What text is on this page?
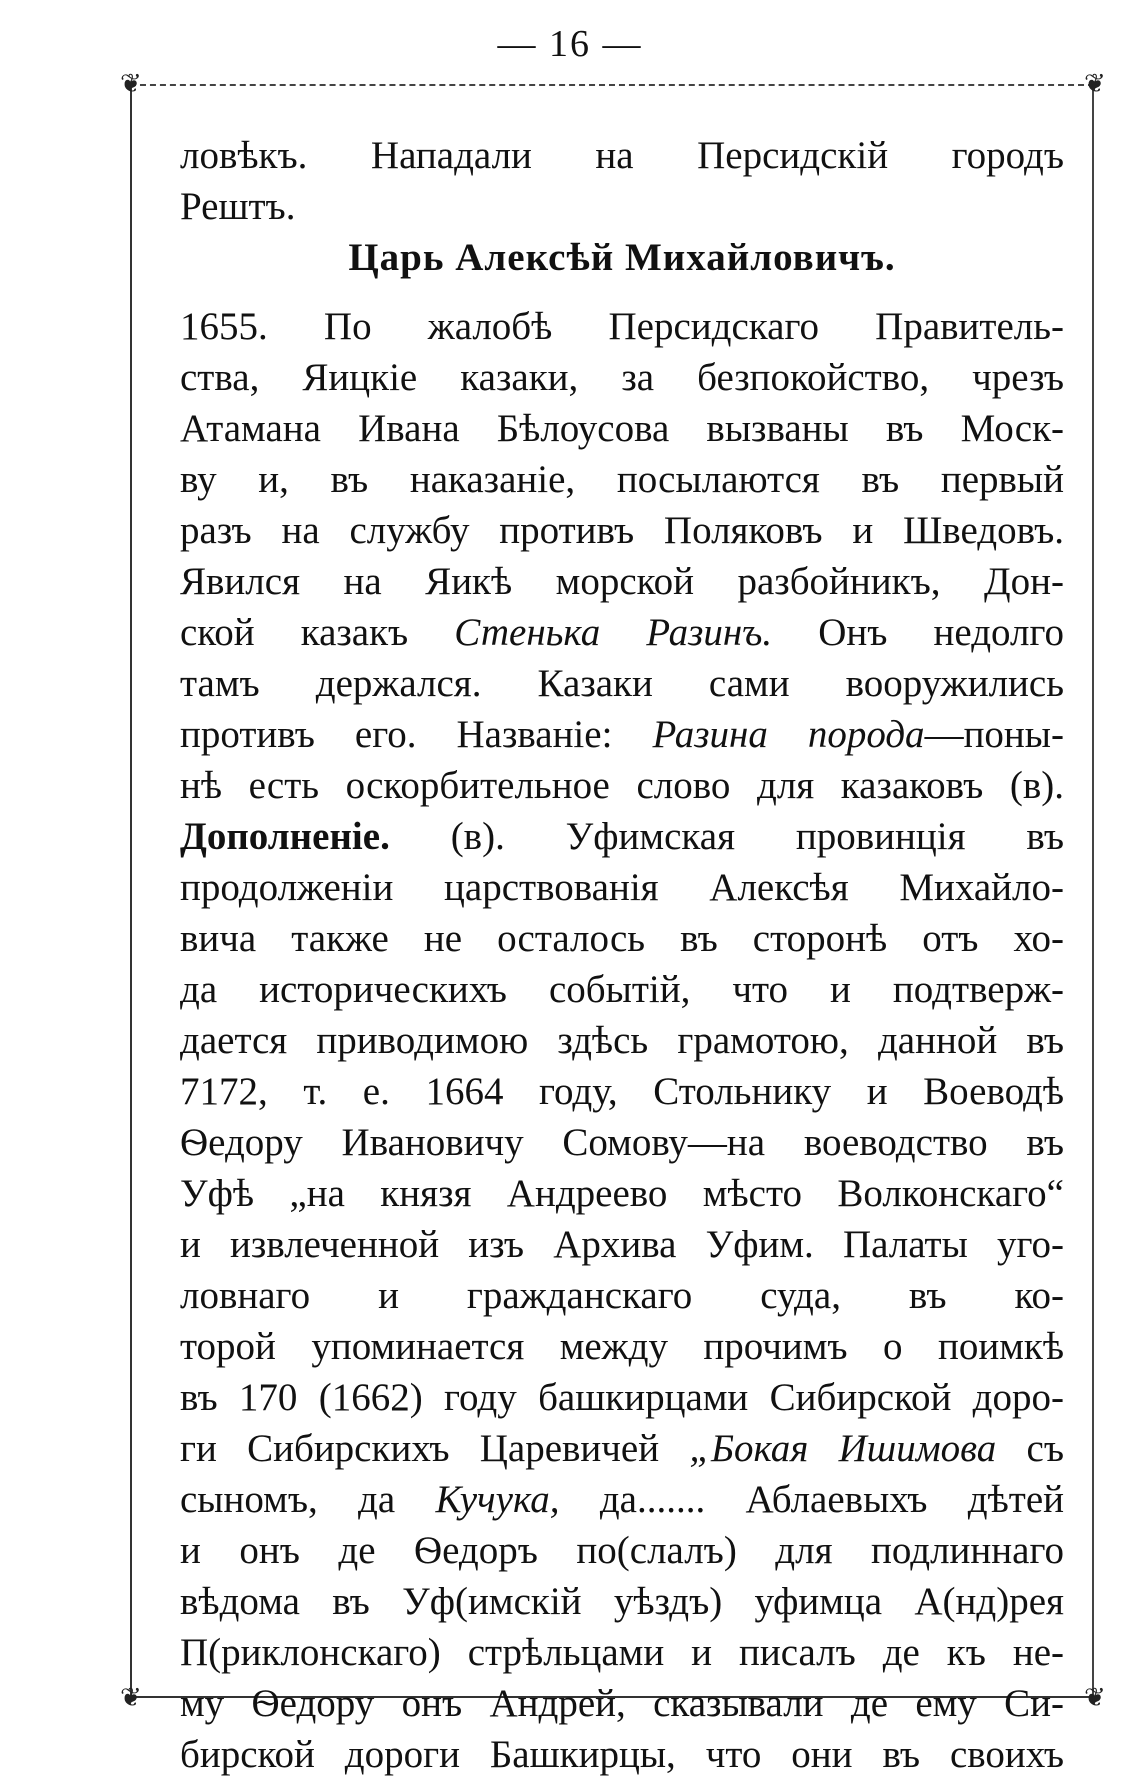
— 16 —
❦	❦
❦	❦
ловѣкъ. Нападали на Персидскій городъ
Рештъ.
Царь Алексѣй Михайловичъ.
1655. По жалобѣ Персидскаго Правитель-
ства, Яицкіе казаки, за безпокойство, чрезъ
Атамана Ивана Бѣлоусова вызваны въ Моск-
ву и, въ наказаніе, посылаются въ первый
разъ на службу противъ Поляковъ и Шведовъ.
Явился на Яикѣ морской разбойникъ, Дон-
ской казакъ Стенька Разинъ. Онъ недолго
тамъ держался. Казаки сами вооружились
противъ его. Названіе: Разина порода—поны-
нѣ есть оскорбительное слово для казаковъ (в).
Дополненіе. (в). Уфимская провинція въ
продолженіи царствованія Алексѣя Михайло-
вича также не осталось въ сторонѣ отъ хо-
да историческихъ событій, что и подтверж-
дается приводимою здѣсь грамотою, данной въ
7172, т. е. 1664 году, Стольнику и Воеводѣ
Ѳедору Ивановичу Сомову—на воеводство въ
Уфѣ „на князя Андреево мѣсто Волконскаго“
и извлеченной изъ Архива Уфим. Палаты уго-
ловнаго и гражданскаго суда, въ ко-
торой упоминается между прочимъ о поимкѣ
въ 170 (1662) году башкирцами Сибирской доро-
ги Сибирскихъ Царевичей „Бокая Ишимова съ
сыномъ, да Кучука, да....... Аблаевыхъ дѣтей
и онъ де Ѳедоръ по(слалъ) для подлиннаго
вѣдома въ Уф(имскій уѣздъ) уфимца А(нд)рея
П(риклонскаго) стрѣльцами и писалъ де къ не-
му Ѳедору онъ Андрей, сказывали де ему Си-
бирской дороги Башкирцы, что они въ своихъ
